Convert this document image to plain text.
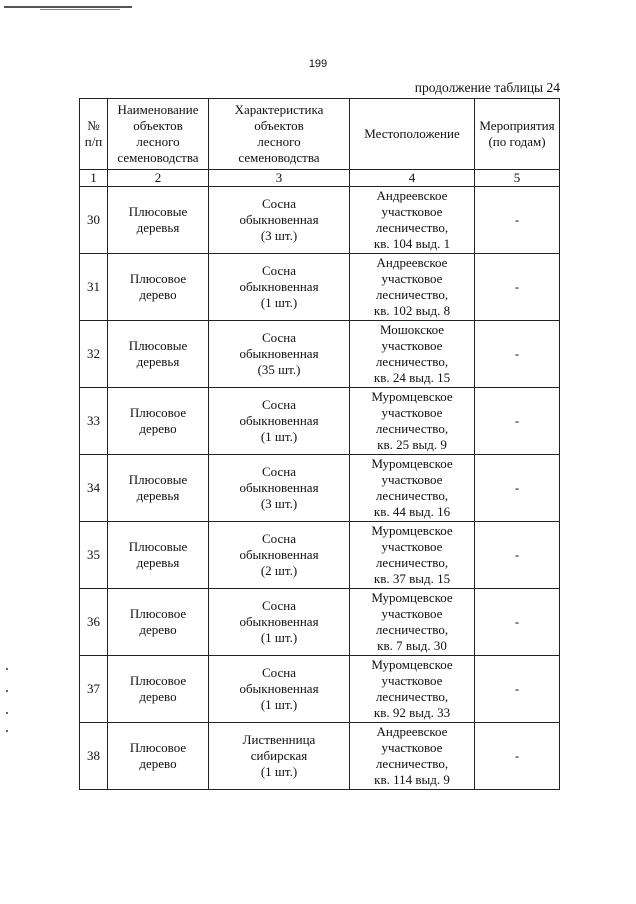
199
продолжение таблицы 24
№
п/п	Наименование
объектов
лесного
семеноводства	Характеристика
объектов
лесного
семеноводства	Местоположение	Мероприятия
(по годам)
1	2	3	4	5
30	Плюсовые
деревья	Сосна
обыкновенная
(3 шт.)	Андреевское
участковое
лесничество,
кв. 104 выд. 1	-
31	Плюсовое
дерево	Сосна
обыкновенная
(1 шт.)	Андреевское
участковое
лесничество,
кв. 102 выд. 8	-
32	Плюсовые
деревья	Сосна
обыкновенная
(35 шт.)	Мошокское
участковое
лесничество,
кв. 24 выд. 15	-
33	Плюсовое
дерево	Сосна
обыкновенная
(1 шт.)	Муромцевское
участковое
лесничество,
кв. 25 выд. 9	-
34	Плюсовые
деревья	Сосна
обыкновенная
(3 шт.)	Муромцевское
участковое
лесничество,
кв. 44 выд. 16	-
35	Плюсовые
деревья	Сосна
обыкновенная
(2 шт.)	Муромцевское
участковое
лесничество,
кв. 37 выд. 15	-
36	Плюсовое
дерево	Сосна
обыкновенная
(1 шт.)	Муромцевское
участковое
лесничество,
кв. 7 выд. 30	-
37	Плюсовое
дерево	Сосна
обыкновенная
(1 шт.)	Муромцевское
участковое
лесничество,
кв. 92 выд. 33	-
38	Плюсовое
дерево	Лиственница
сибирская
(1 шт.)	Андреевское
участковое
лесничество,
кв. 114 выд. 9	-
